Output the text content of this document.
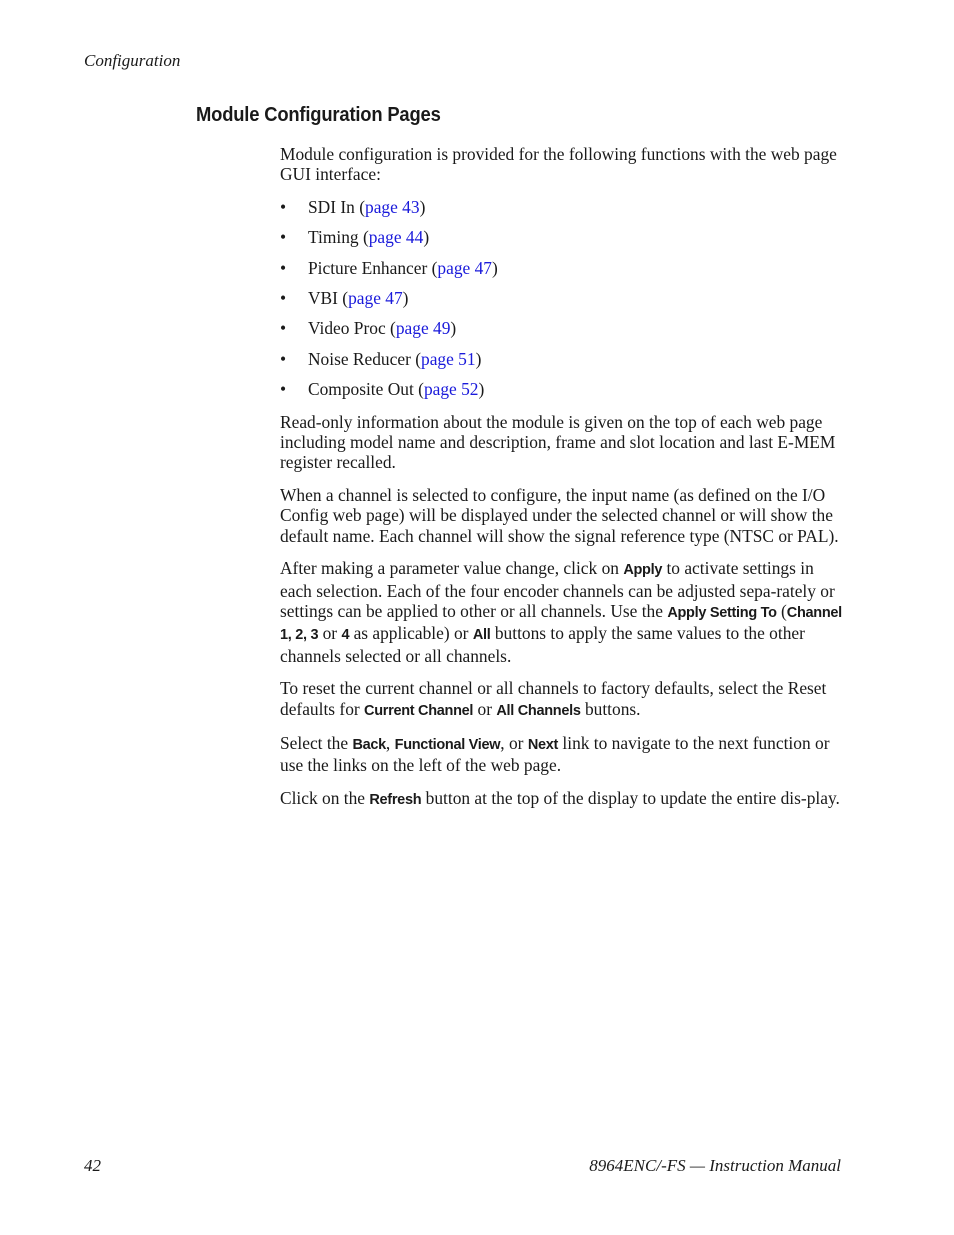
Configuration
Module Configuration Pages

Module configuration is provided for the following functions with the web page GUI interface:

• SDI In (page 43)
• Timing (page 44)
• Picture Enhancer (page 47)
• VBI (page 47)
• Video Proc (page 49)
• Noise Reducer (page 51)
• Composite Out (page 52)

Read-only information about the module is given on the top of each web page including model name and description, frame and slot location and last E-MEM register recalled.

When a channel is selected to configure, the input name (as defined on the I/O Config web page) will be displayed under the selected channel or will show the default name. Each channel will show the signal reference type (NTSC or PAL).

After making a parameter value change, click on Apply to activate settings in each selection. Each of the four encoder channels can be adjusted sepa-rately or settings can be applied to other or all channels. Use the Apply Setting To (Channel 1, 2, 3 or 4 as applicable) or All buttons to apply the same values to the other channels selected or all channels.

To reset the current channel or all channels to factory defaults, select the Reset defaults for Current Channel or All Channels buttons.

Select the Back, Functional View, or Next link to navigate to the next function or use the links on the left of the web page.

Click on the Refresh button at the top of the display to update the entire dis-play.

42	8964ENC/-FS — Instruction Manual
